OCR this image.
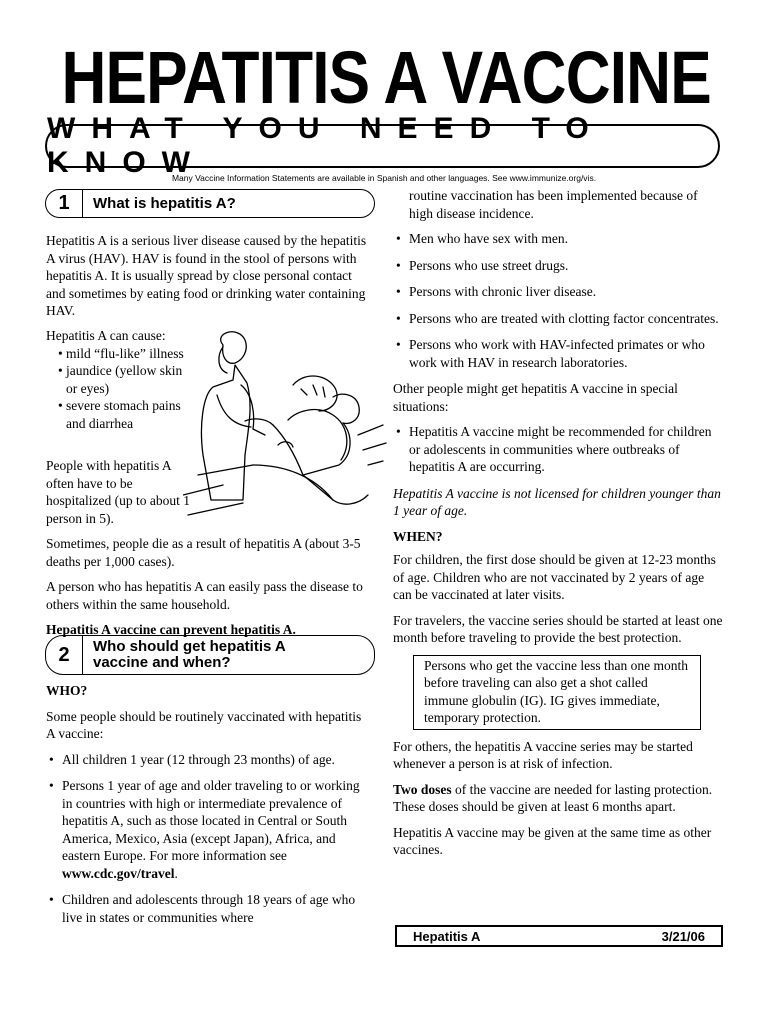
HEPATITIS A VACCINE
WHAT YOU NEED TO KNOW
Many Vaccine Information Statements are available in Spanish and other languages. See www.immunize.org/vis.
1	What is hepatitis A?

Hepatitis A is a serious liver disease caused by the hepatitis A virus (HAV). HAV is found in the stool of persons with hepatitis A. It is usually spread by close personal contact and sometimes by eating food or drinking water containing HAV.

Hepatitis A can cause:
• mild “flu-like” illness
• jaundice (yellow skin or eyes)
• severe stomach pains and diarrhea

People with hepatitis A often have to be hospitalized (up to about 1 person in 5).

Sometimes, people die as a result of hepatitis A (about 3-5 deaths per 1,000 cases).

A person who has hepatitis A can easily pass the disease to others within the same household.

Hepatitis A vaccine can prevent hepatitis A.

2	Who should get hepatitis A vaccine and when?

WHO?

Some people should be routinely vaccinated with hepatitis A vaccine:

• All children 1 year (12 through 23 months) of age.
• Persons 1 year of age and older traveling to or working in countries with high or intermediate prevalence of hepatitis A, such as those located in Central or South America, Mexico, Asia (except Japan), Africa, and eastern Europe. For more information see www.cdc.gov/travel.
• Children and adolescents through 18 years of age who live in states or communities where

routine vaccination has been implemented because of high disease incidence.

• Men who have sex with men.
• Persons who use street drugs.
• Persons with chronic liver disease.
• Persons who are treated with clotting factor concentrates.
• Persons who work with HAV-infected primates or who work with HAV in research laboratories.

Other people might get hepatitis A vaccine in special situations:

• Hepatitis A vaccine might be recommended for children or adolescents in communities where outbreaks of hepatitis A are occurring.

Hepatitis A vaccine is not licensed for children younger than 1 year of age.

WHEN?

For children, the first dose should be given at 12-23 months of age. Children who are not vaccinated by 2 years of age can be vaccinated at later visits.

For travelers, the vaccine series should be started at least one month before traveling to provide the best protection.

Persons who get the vaccine less than one month before traveling can also get a shot called immune globulin (IG). IG gives immediate, temporary protection.

For others, the hepatitis A vaccine series may be started whenever a person is at risk of infection.

Two doses of the vaccine are needed for lasting protection. These doses should be given at least 6 months apart.

Hepatitis A vaccine may be given at the same time as other vaccines.

Hepatitis A	3/21/06
